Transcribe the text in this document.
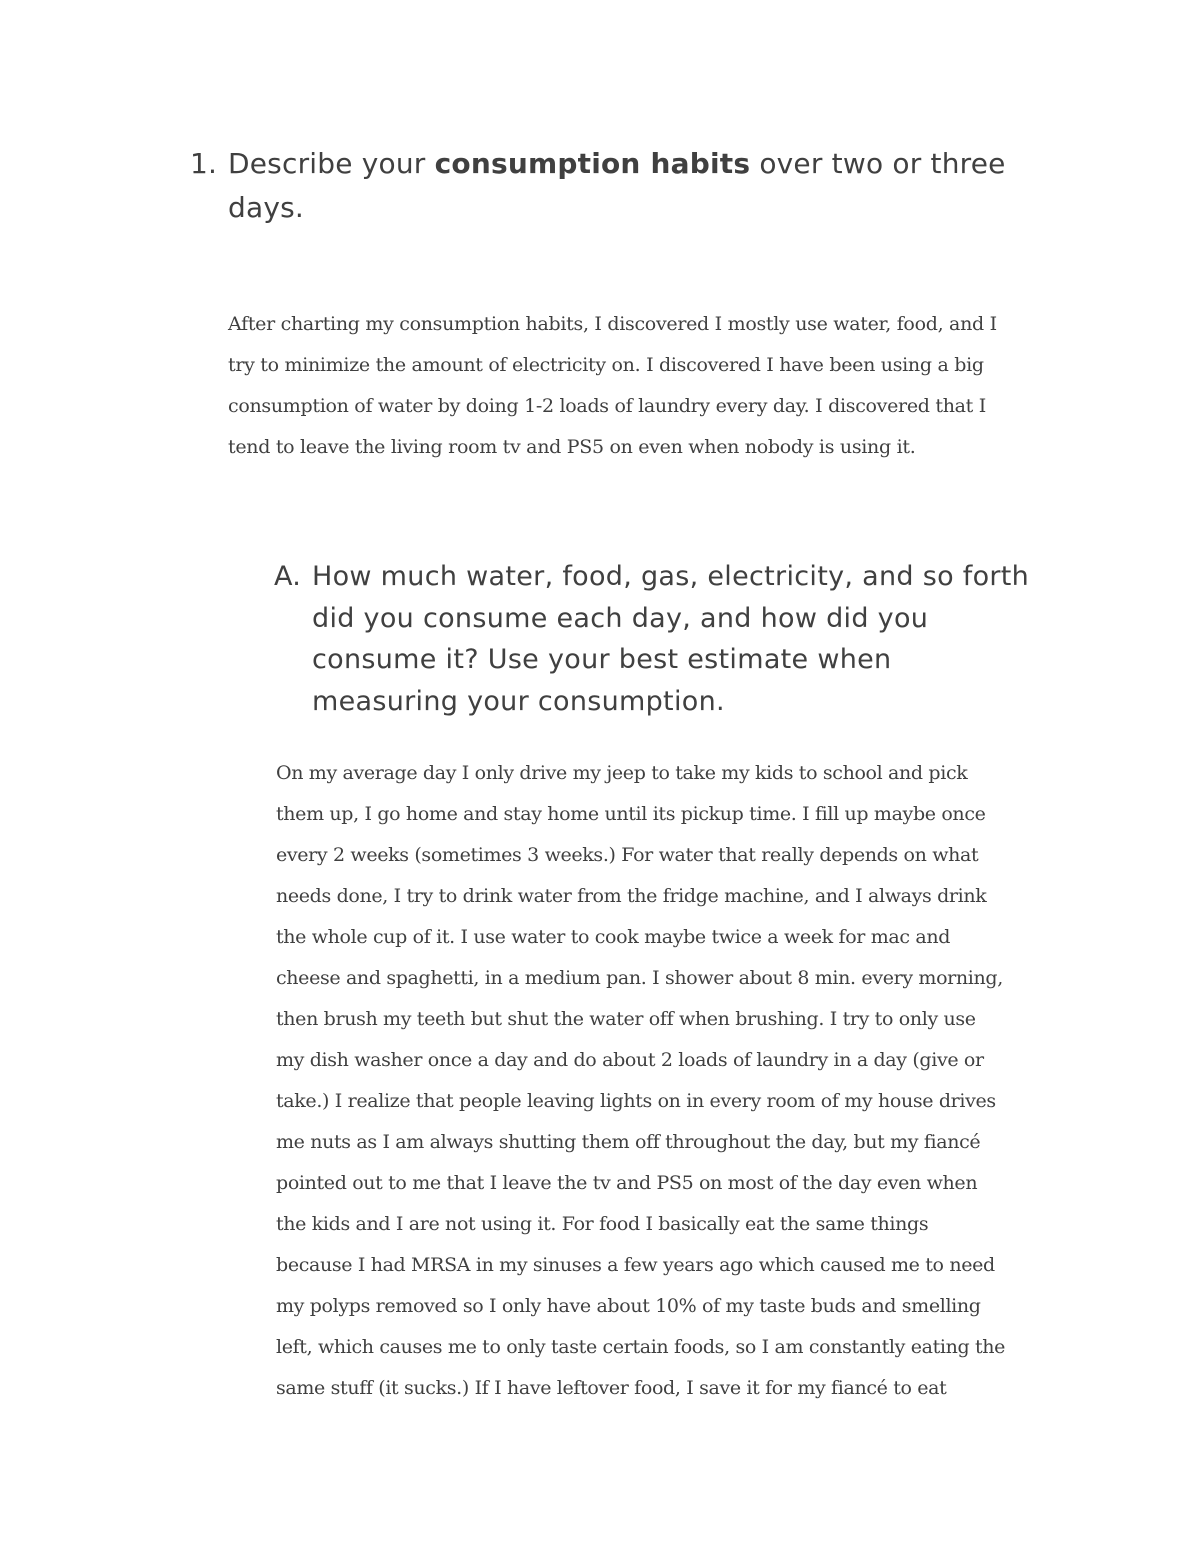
1. Describe your consumption habits over two or three
days.
After charting my consumption habits, I discovered I mostly use water, food, and I
try to minimize the amount of electricity on. I discovered I have been using a big
consumption of water by doing 1-2 loads of laundry every day. I discovered that I
tend to leave the living room tv and PS5 on even when nobody is using it.
A. How much water, food, gas, electricity, and so forth
did you consume each day, and how did you
consume it? Use your best estimate when
measuring your consumption.
On my average day I only drive my jeep to take my kids to school and pick
them up, I go home and stay home until its pickup time. I fill up maybe once
every 2 weeks (sometimes 3 weeks.) For water that really depends on what
needs done, I try to drink water from the fridge machine, and I always drink
the whole cup of it. I use water to cook maybe twice a week for mac and
cheese and spaghetti, in a medium pan. I shower about 8 min. every morning,
then brush my teeth but shut the water off when brushing. I try to only use
my dish washer once a day and do about 2 loads of laundry in a day (give or
take.) I realize that people leaving lights on in every room of my house drives
me nuts as I am always shutting them off throughout the day, but my fiancé
pointed out to me that I leave the tv and PS5 on most of the day even when
the kids and I are not using it. For food I basically eat the same things
because I had MRSA in my sinuses a few years ago which caused me to need
my polyps removed so I only have about 10% of my taste buds and smelling
left, which causes me to only taste certain foods, so I am constantly eating the
same stuff (it sucks.) If I have leftover food, I save it for my fiancé to eat
